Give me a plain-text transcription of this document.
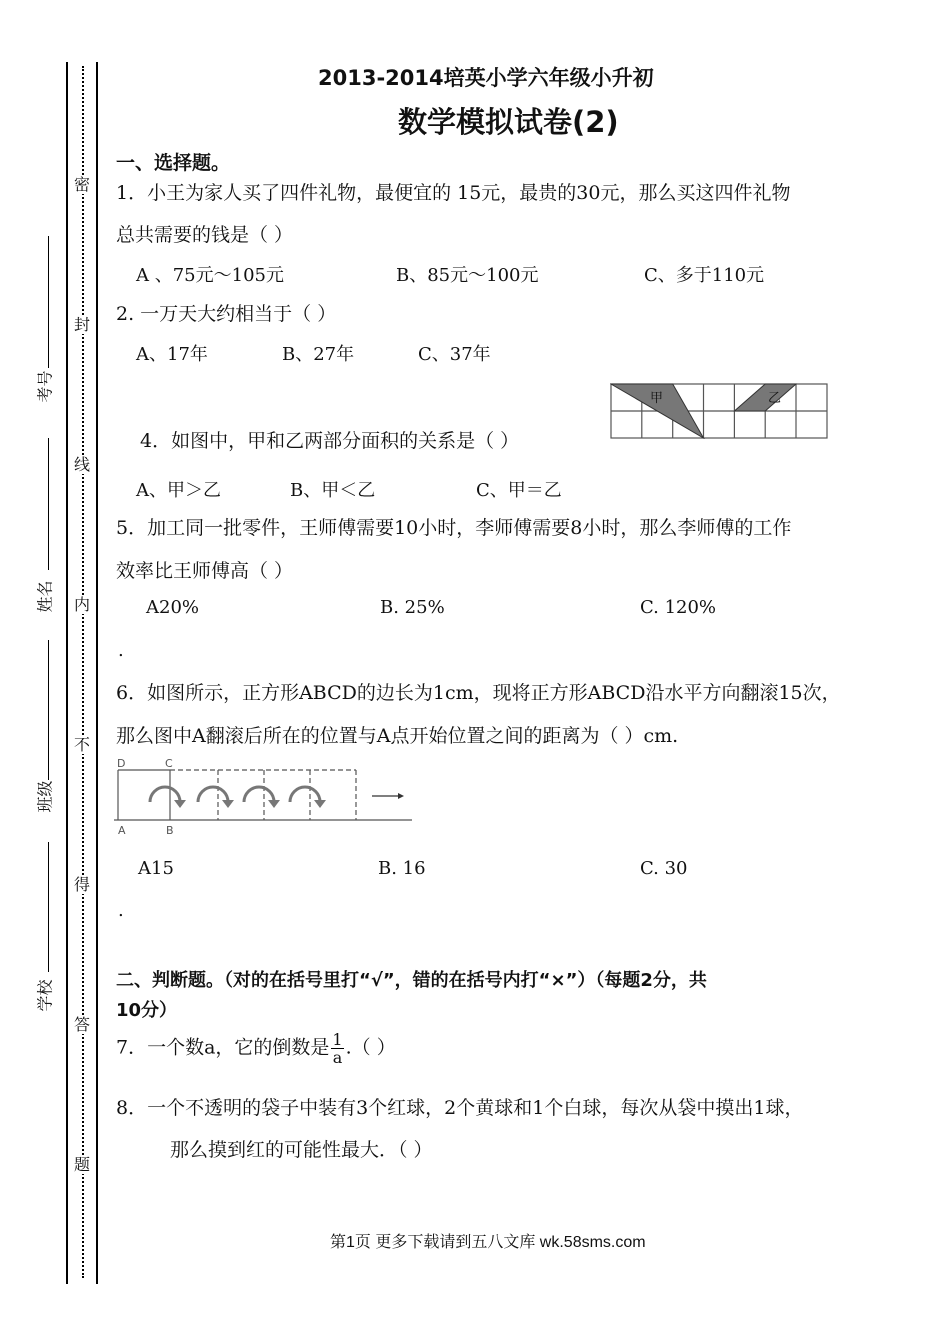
密
封
线
内
不
得
答
题
考号
姓名
班级
学校
2013-2014培英小学六年级小升初
数学模拟试卷(2)
一、选择题。
1．小王为家人买了四件礼物，最便宜的 15元，最贵的30元，那么买这四件礼物
总共需要的钱是（ ）
A 、75元～105元	B、85元～100元	C、多于110元
2. 一万天大约相当于（ ）
A、17年	B、27年	C、37年
甲	乙
4．如图中，甲和乙两部分面积的关系是（ ）
A、甲＞乙	B、甲＜乙	C、甲＝乙
5．加工同一批零件，王师傅需要10小时，李师傅需要8小时，那么李师傅的工作
效率比王师傅高（ ）
A20%	B. 25%	C. 120%
.
6．如图所示，正方形ABCD的边长为1cm，现将正方形ABCD沿水平方向翻滚15次，
那么图中A翻滚后所在的位置与A点开始位置之间的距离为（ ）cm.
D	C
A	B
A15	B. 16	C. 30
.
二、判断题。（对的在括号里打“√”，错的在括号内打“×”）（每题2分，共
10分）
7．一个数a，它的倒数是 $\frac{1}{a}$ .（ ）
8．一个不透明的袋子中装有3个红球，2个黄球和1个白球，每次从袋中摸出1球，
那么摸到红的可能性最大．（ ）
第1页 更多下载请到五八文库 wk.58sms.com
